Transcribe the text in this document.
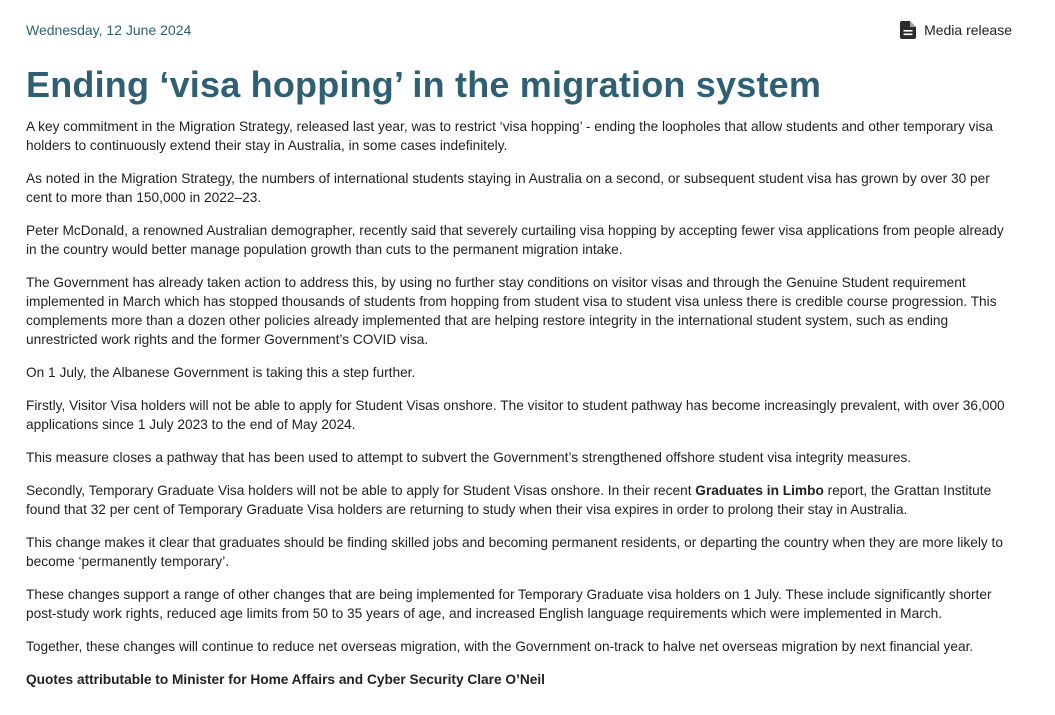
Wednesday, 12 June 2024	Media release
Ending ‘visa hopping’ in the migration system

A key commitment in the Migration Strategy, released last year, was to restrict ‘visa hopping’ - ending the loopholes that allow students and other temporary visa holders to continuously extend their stay in Australia, in some cases indefinitely.

As noted in the Migration Strategy, the numbers of international students staying in Australia on a second, or subsequent student visa has grown by over 30 per cent to more than 150,000 in 2022–23.

Peter McDonald, a renowned Australian demographer, recently said that severely curtailing visa hopping by accepting fewer visa applications from people already in the country would better manage population growth than cuts to the permanent migration intake.

The Government has already taken action to address this, by using no further stay conditions on visitor visas and through the Genuine Student requirement implemented in March which has stopped thousands of students from hopping from student visa to student visa unless there is credible course progression. This complements more than a dozen other policies already implemented that are helping restore integrity in the international student system, such as ending unrestricted work rights and the former Government’s COVID visa.

On 1 July, the Albanese Government is taking this a step further.

Firstly, Visitor Visa holders will not be able to apply for Student Visas onshore. The visitor to student pathway has become increasingly prevalent, with over 36,000 applications since 1 July 2023 to the end of May 2024.

This measure closes a pathway that has been used to attempt to subvert the Government’s strengthened offshore student visa integrity measures.

Secondly, Temporary Graduate Visa holders will not be able to apply for Student Visas onshore. In their recent Graduates in Limbo report, the Grattan Institute found that 32 per cent of Temporary Graduate Visa holders are returning to study when their visa expires in order to prolong their stay in Australia.

This change makes it clear that graduates should be finding skilled jobs and becoming permanent residents, or departing the country when they are more likely to become ‘permanently temporary’.

These changes support a range of other changes that are being implemented for Temporary Graduate visa holders on 1 July. These include significantly shorter post-study work rights, reduced age limits from 50 to 35 years of age, and increased English language requirements which were implemented in March.

Together, these changes will continue to reduce net overseas migration, with the Government on-track to halve net overseas migration by next financial year.

Quotes attributable to Minister for Home Affairs and Cyber Security Clare O’Neil
